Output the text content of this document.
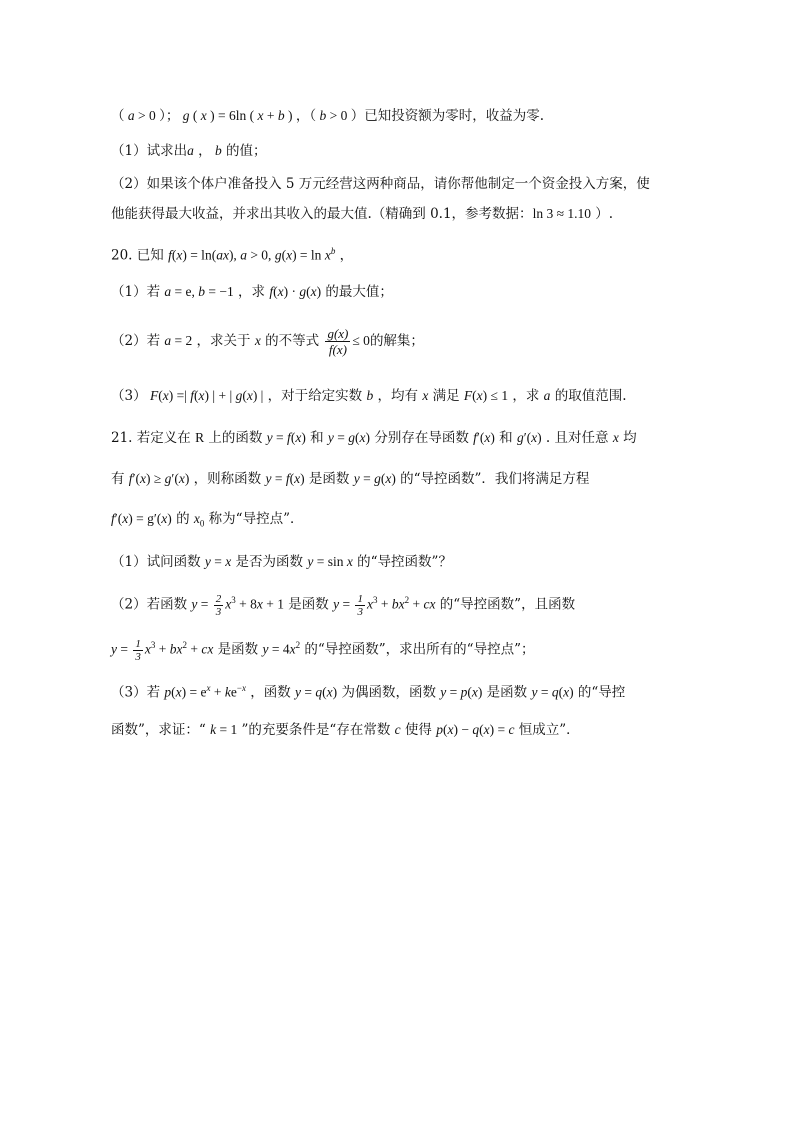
（ a > 0 ）； g ( x ) = 6ln ( x + b ) ，（ b > 0 ）已知投资额为零时，收益为零.
（1）试求出a ， b 的值；
（2）如果该个体户准备投入 5 万元经营这两种商品，请你帮他制定一个资金投入方案，使
他能获得最大收益，并求出其收入的最大值.（精确到 0.1，参考数据：ln 3 ≈ 1.10 ）.
20. 已知 f(x) = ln(ax), a > 0, $g(x) = \ln x^b$ ，
（1）若 a = e, b = −1 ，求 f(x) · g(x) 的最大值；
（2）若 a = 2 ，求关于 x 的不等式 $\frac{g(x)}{f(x)} \le 0$的解集；
（3） F(x) =| f(x) | + | g(x) | ，对于给定实数 b ，均有 x 满足 F(x) ≤ 1 ，求 a 的取值范围.
21. 若定义在 R 上的函数 y = f(x) 和 y = g(x) 分别存在导函数 f′(x) 和 g′(x) . 且对任意 x 均
有 f′(x) ≥ g′(x) ，则称函数 y = f(x) 是函数 y = g(x) 的“导控函数”．我们将满足方程
f′(x) = g′(x) 的 $x_0$ 称为“导控点”．
（1）试问函数 y = x 是否为函数 y = sin x 的“导控函数”？
（2）若函数 $y = \frac{2}{3} x^3 + 8x + 1$ 是函数 $y = \frac{1}{3} x^3 + bx^2$ + cx 的“导控函数”，且函数
$y = \frac{1}{3} x^3 + bx^2$ + cx 是函数 $y = 4x^2$ 的“导控函数”，求出所有的“导控点”；
（3）若 $p(x) = e^x + ke^{-x}$ ，函数 y = q(x) 为偶函数，函数 y = p(x) 是函数 y = q(x) 的“导控
函数”，求证：“ k = 1 ”的充要条件是“存在常数 c 使得 p(x) − q(x) = c 恒成立”．
